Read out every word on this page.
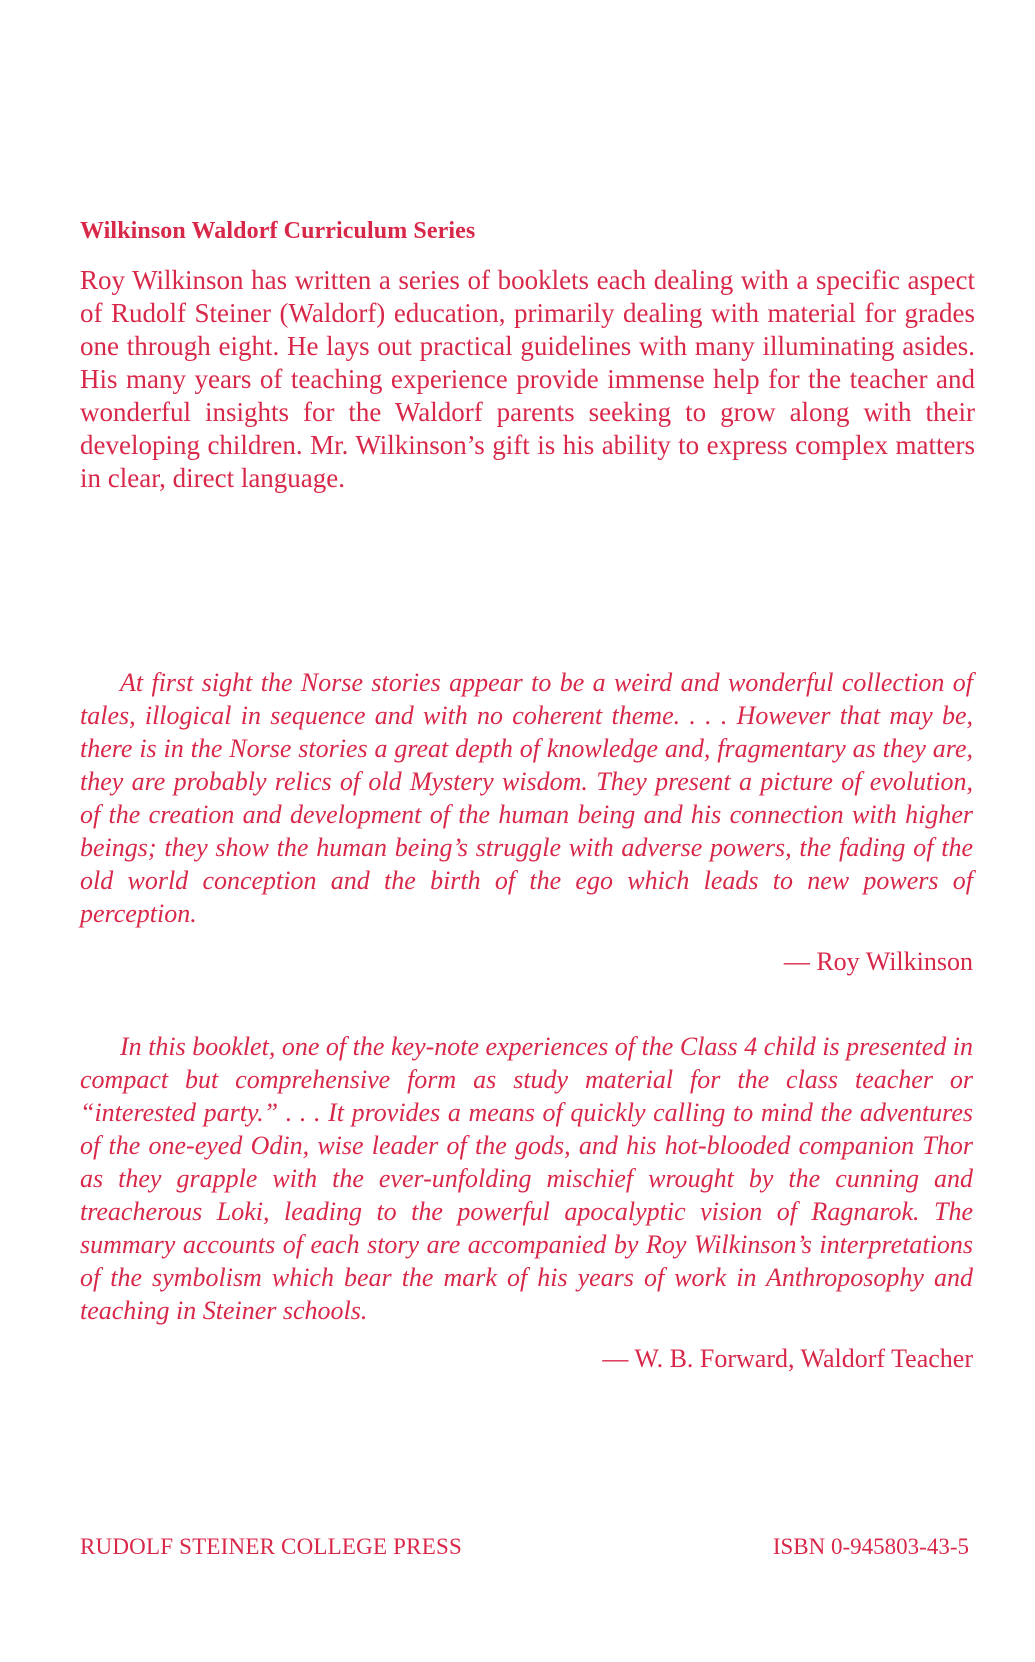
Wilkinson Waldorf Curriculum Series

Roy Wilkinson has written a series of booklets each dealing with a specific aspect of Rudolf Steiner (Waldorf) education, primarily dealing with material for grades one through eight. He lays out practical guidelines with many illuminating asides. His many years of teaching experience provide immense help for the teacher and wonderful insights for the Waldorf parents seeking to grow along with their developing children. Mr. Wilkinson’s gift is his ability to express complex matters in clear, direct language.

At first sight the Norse stories appear to be a weird and wonderful collection of tales, illogical in sequence and with no coherent theme. . . . However that may be, there is in the Norse stories a great depth of knowledge and, fragmentary as they are, they are probably relics of old Mystery wisdom. They present a picture of evolution, of the creation and development of the human being and his connection with higher beings; they show the human being’s struggle with adverse powers, the fading of the old world conception and the birth of the ego which leads to new powers of perception.

— Roy Wilkinson

In this booklet, one of the key-note experiences of the Class 4 child is presented in compact but comprehensive form as study material for the class teacher or “interested party.” . . . It provides a means of quickly calling to mind the adventures of the one-eyed Odin, wise leader of the gods, and his hot-blooded companion Thor as they grapple with the ever-unfolding mischief wrought by the cunning and treacherous Loki, leading to the powerful apocalyptic vision of Ragnarok. The summary accounts of each story are accompanied by Roy Wilkinson’s interpretations of the symbolism which bear the mark of his years of work in Anthroposophy and teaching in Steiner schools.

— W. B. Forward, Waldorf Teacher

RUDOLF STEINER COLLEGE PRESS	ISBN 0-945803-43-5
